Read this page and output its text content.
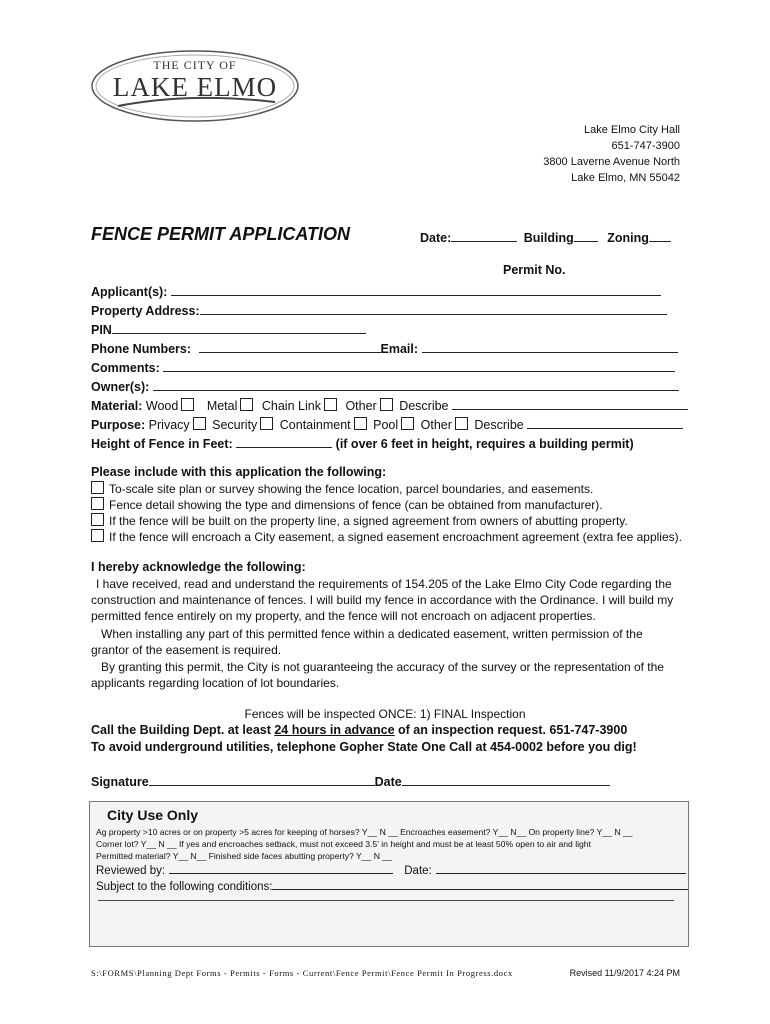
THE CITY OF
LAKE ELMO
Lake Elmo City Hall
651-747-3900
3800 Laverne Avenue North
Lake Elmo, MN 55042
FENCE PERMIT APPLICATION	Date:	Building	Zoning
Permit No.
Applicant(s):
Property Address:
PIN
Phone Numbers:	Email:
Comments:
Owner(s):
Material: Wood Metal Chain Link Other Describe
Purpose: Privacy Security Containment Pool Other Describe
Height of Fence in Feet:	(if over 6 feet in height, requires a building permit)
Please include with this application the following:
To-scale site plan or survey showing the fence location, parcel boundaries, and easements.
Fence detail showing the type and dimensions of fence (can be obtained from manufacturer).
If the fence will be built on the property line, a signed agreement from owners of abutting property.
If the fence will encroach a City easement, a signed easement encroachment agreement (extra fee applies).
I hereby acknowledge the following:
I have received, read and understand the requirements of 154.205 of the Lake Elmo City Code regarding the construction and maintenance of fences. I will build my fence in accordance with the Ordinance. I will build my permitted fence entirely on my property, and the fence will not encroach on adjacent properties.
When installing any part of this permitted fence within a dedicated easement, written permission of the grantor of the easement is required.
By granting this permit, the City is not guaranteeing the accuracy of the survey or the representation of the applicants regarding location of lot boundaries.
Fences will be inspected ONCE: 1) FINAL Inspection
Call the Building Dept. at least 24 hours in advance of an inspection request. 651-747-3900
To avoid underground utilities, telephone Gopher State One Call at 454-0002 before you dig!
Signature	Date
City Use Only
Ag property >10 acres or on property >5 acres for keeping of horses? Y__ N __ Encroaches easement? Y__ N__ On property line? Y__ N __
Corner lot? Y__ N __ If yes and encroaches setback, must not exceed 3.5' in height and must be at least 50% open to air and light
Permitted material? Y__ N__ Finished side faces abutting property? Y__ N __
Reviewed by:	Date:
Subject to the following conditions:
S:\FORMS\Planning Dept Forms - Permits - Forms - Current\Fence Permit\Fence Permit In Progress.docx	Revised 11/9/2017 4:24 PM
